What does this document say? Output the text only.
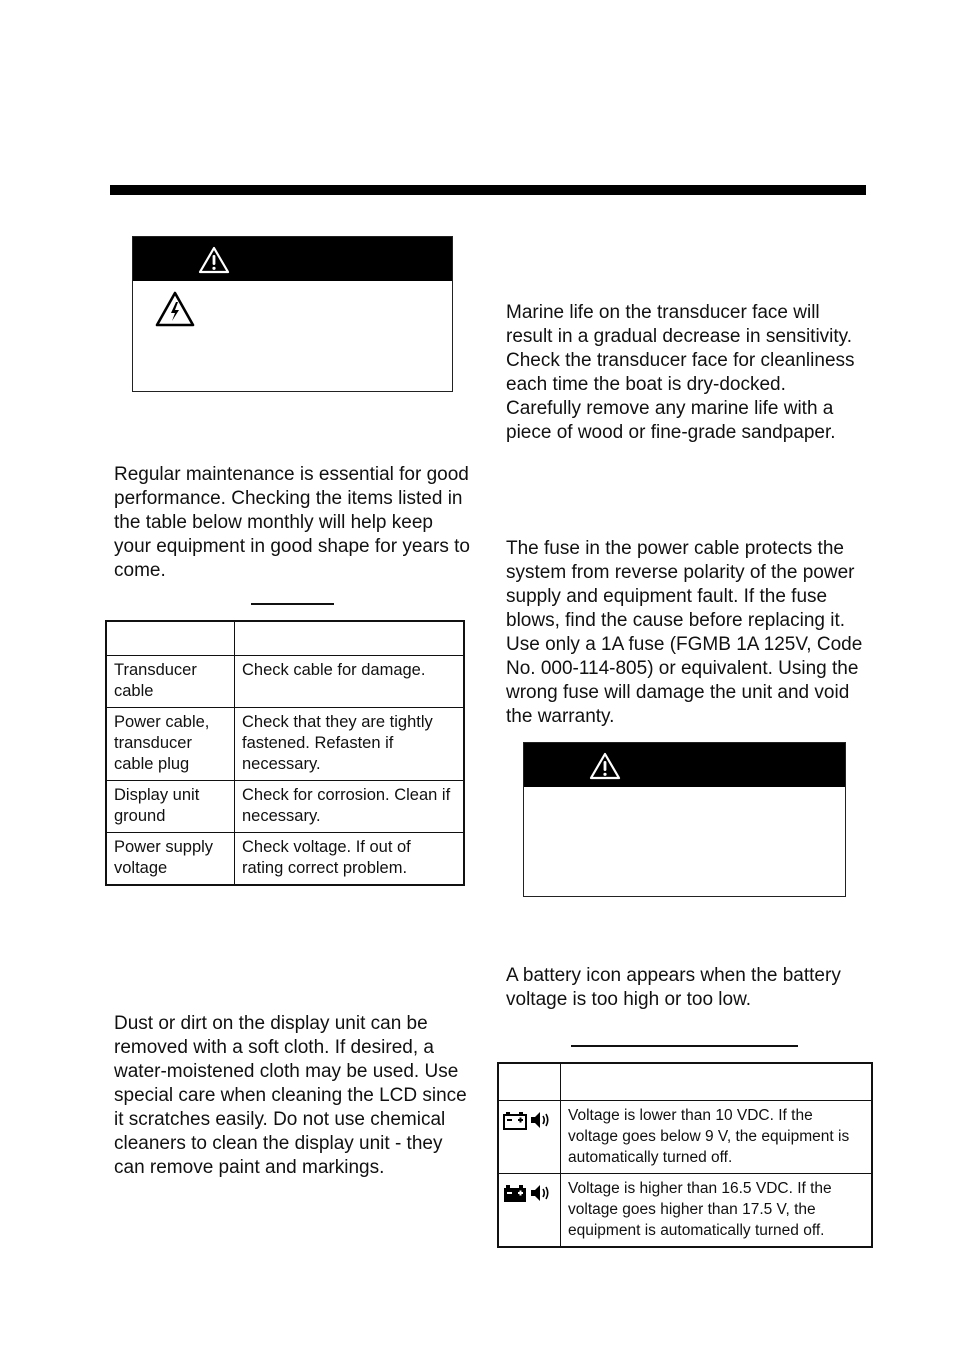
Regular maintenance is essential for good performance. Checking the items listed in the table below monthly will help keep your equipment in good shape for years to come.

Transducer cable	Check cable for damage.
Power cable, transducer cable plug	Check that they are tightly fastened. Refasten if necessary.
Display unit ground	Check for corrosion. Clean if necessary.
Power supply voltage	Check voltage. If out of rating correct problem.

Dust or dirt on the display unit can be removed with a soft cloth. If desired, a water-moistened cloth may be used. Use special care when cleaning the LCD since it scratches easily. Do not use chemical cleaners to clean the display unit - they can remove paint and markings.

Marine life on the transducer face will result in a gradual decrease in sensitivity. Check the transducer face for cleanliness each time the boat is dry-docked. Carefully remove any marine life with a piece of wood or fine-grade sandpaper.

The fuse in the power cable protects the system from reverse polarity of the power supply and equipment fault. If the fuse blows, find the cause before replacing it. Use only a 1A fuse (FGMB 1A 125V, Code No. 000-114-805) or equivalent. Using the wrong fuse will damage the unit and void the warranty.

A battery icon appears when the battery voltage is too high or too low.

	Voltage is lower than 10 VDC. If the voltage goes below 9 V, the equipment is automatically turned off.

	Voltage is higher than 16.5 VDC. If the voltage goes higher than 17.5 V, the equipment is automatically turned off.
